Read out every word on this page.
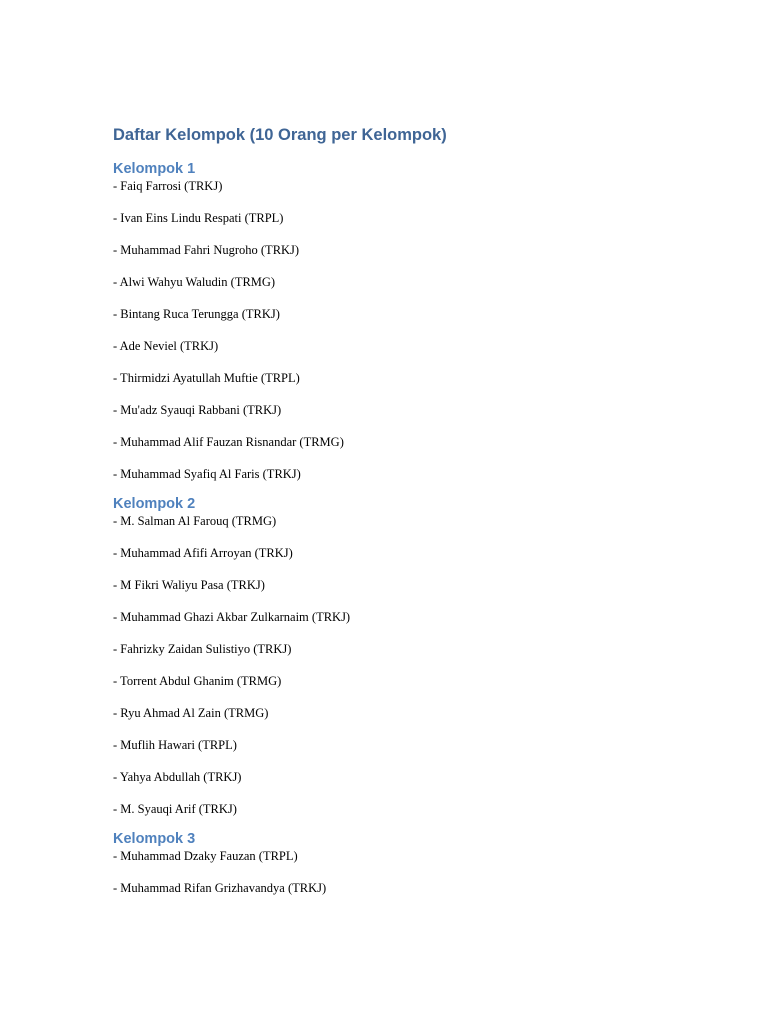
Daftar Kelompok (10 Orang per Kelompok)
Kelompok 1
- Faiq Farrosi (TRKJ)
- Ivan Eins Lindu Respati (TRPL)
- Muhammad Fahri Nugroho (TRKJ)
- Alwi Wahyu Waludin (TRMG)
- Bintang Ruca Terungga (TRKJ)
- Ade Neviel (TRKJ)
- Thirmidzi Ayatullah Muftie (TRPL)
- Mu'adz Syauqi Rabbani (TRKJ)
- Muhammad Alif Fauzan Risnandar (TRMG)
- Muhammad Syafiq Al Faris (TRKJ)
Kelompok 2
- M. Salman Al Farouq (TRMG)
- Muhammad Afifi Arroyan (TRKJ)
- M Fikri Waliyu Pasa (TRKJ)
- Muhammad Ghazi Akbar Zulkarnaim (TRKJ)
- Fahrizky Zaidan Sulistiyo (TRKJ)
- Torrent Abdul Ghanim (TRMG)
- Ryu Ahmad Al Zain (TRMG)
- Muflih Hawari (TRPL)
- Yahya Abdullah (TRKJ)
- M. Syauqi Arif (TRKJ)
Kelompok 3
- Muhammad Dzaky Fauzan (TRPL)
- Muhammad Rifan Grizhavandya (TRKJ)
